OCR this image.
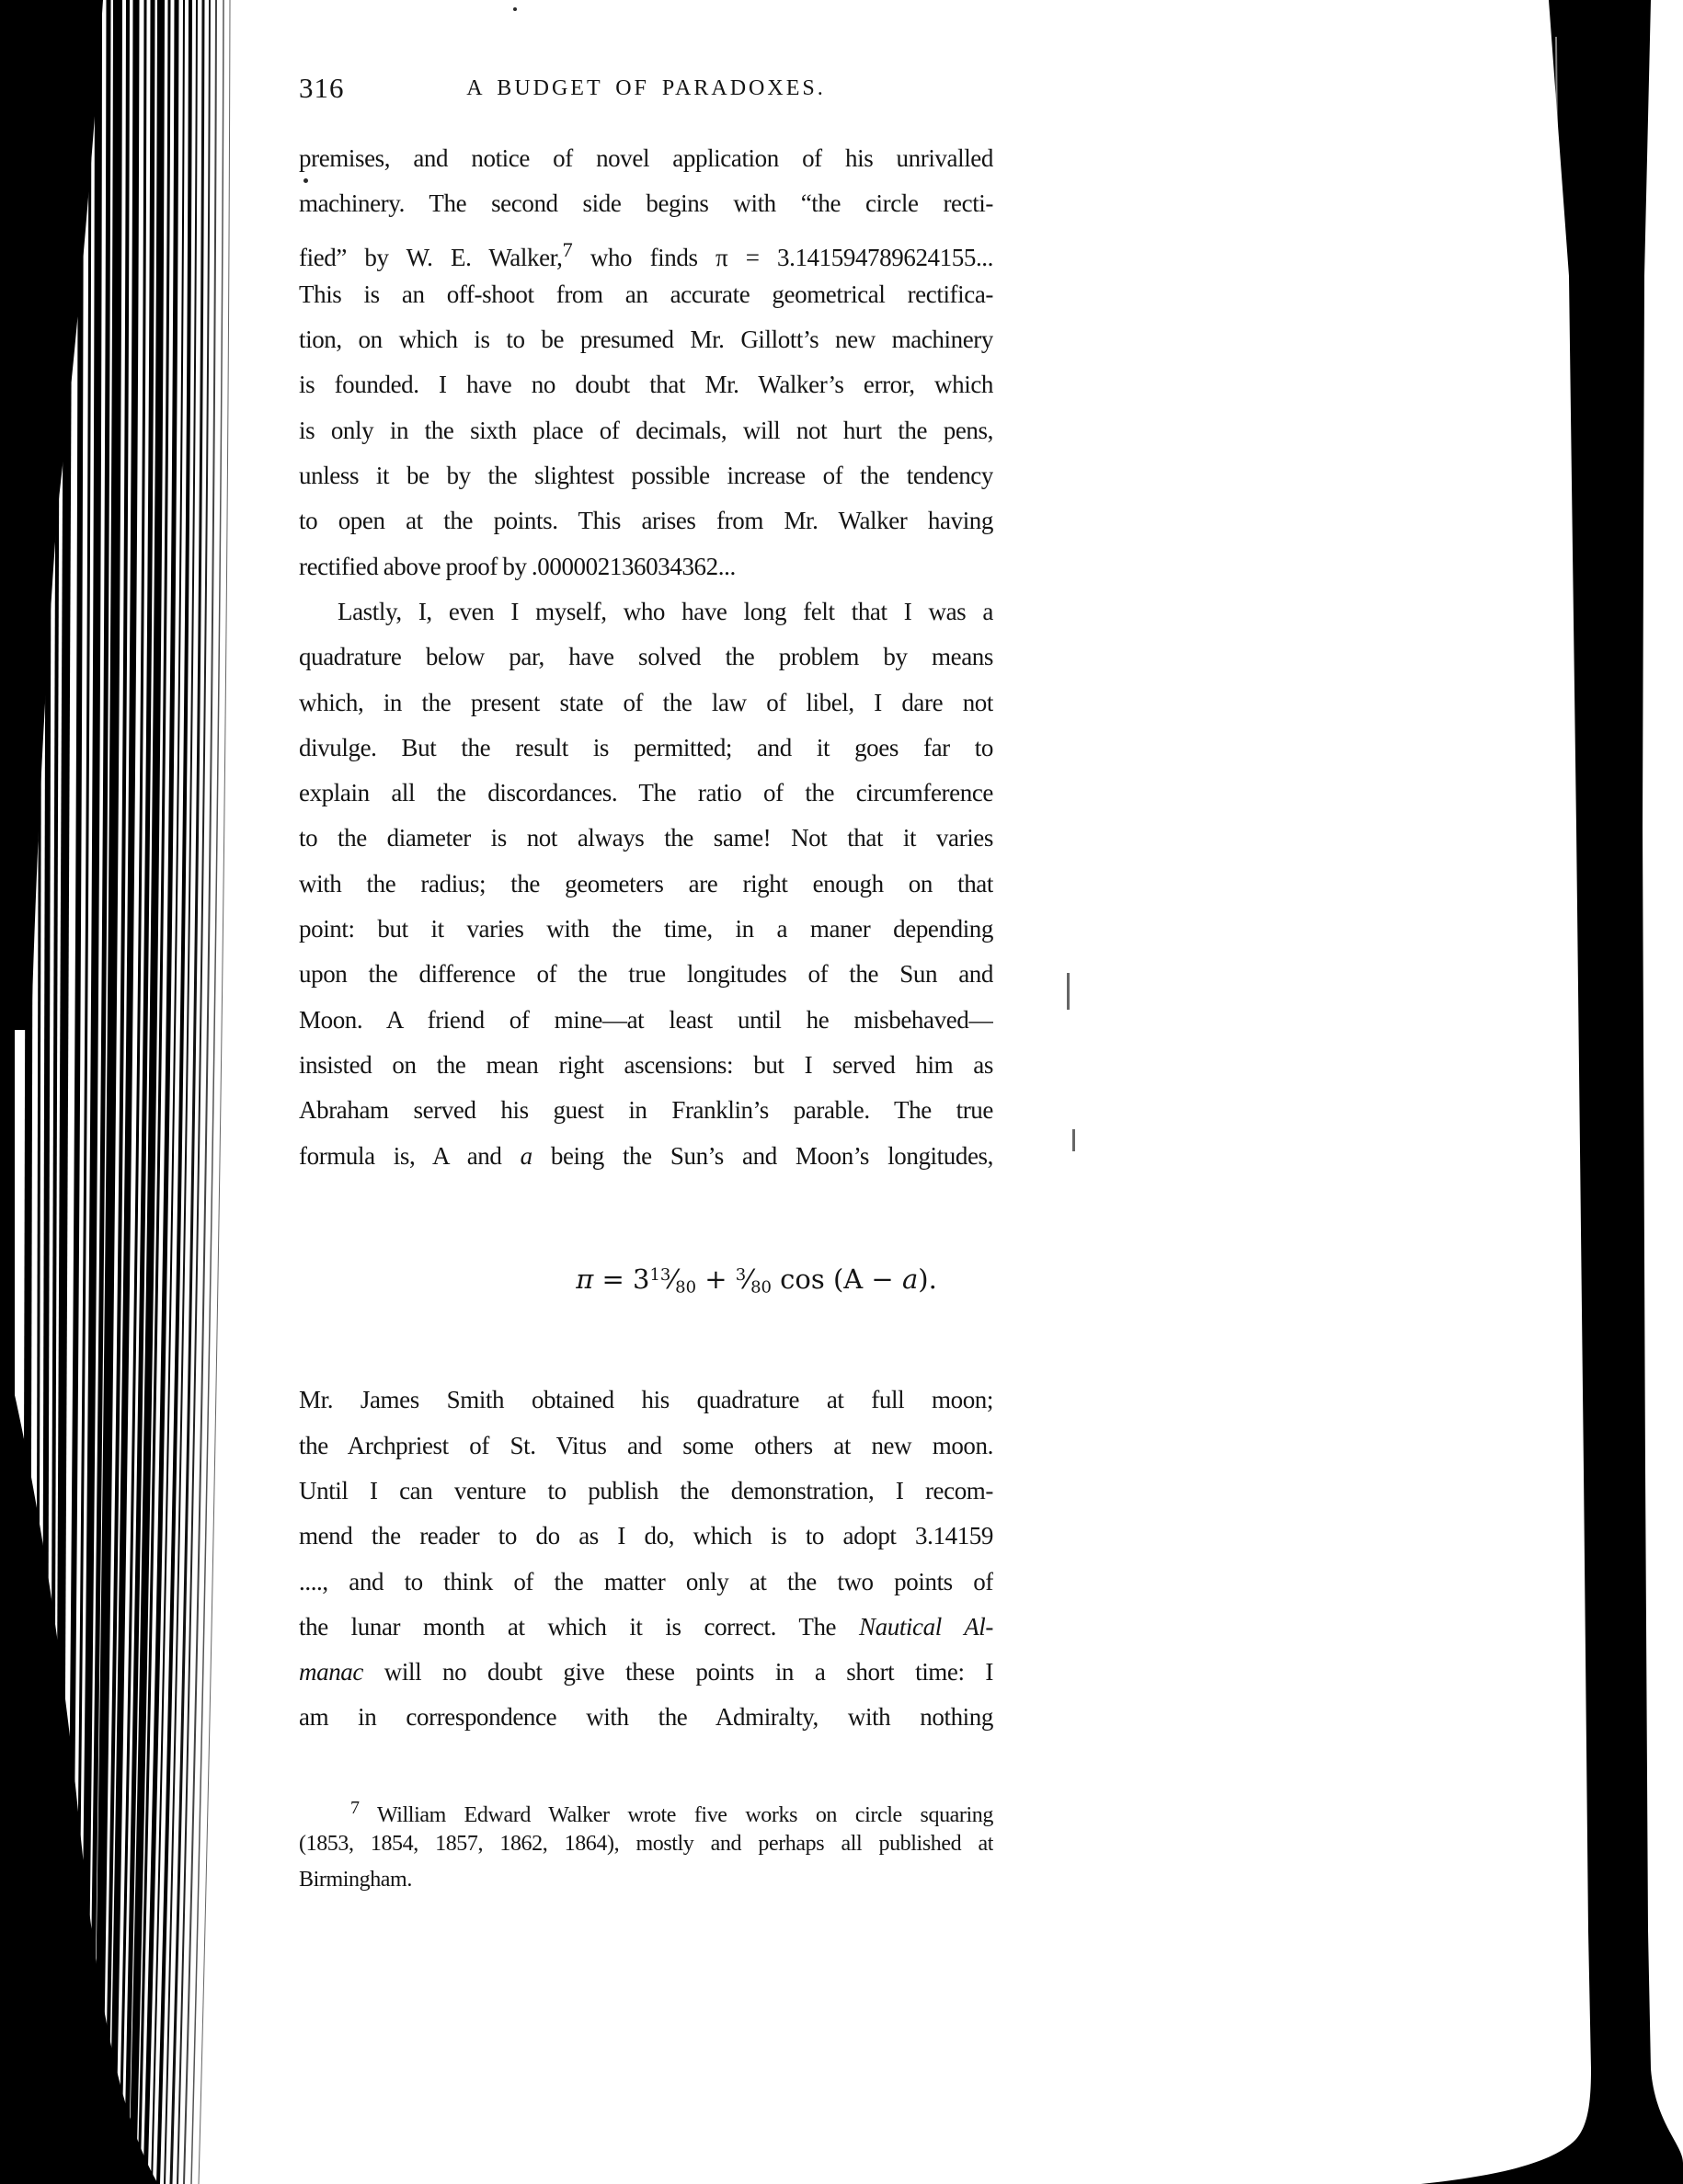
316	A BUDGET OF PARADOXES.
premises, and notice of novel application of his unrivalled
machinery. The second side begins with “the circle recti-
fied” by W. E. Walker,$^7$ who finds π = 3.141594789624155...
This is an off-shoot from an accurate geometrical rectifica-
tion, on which is to be presumed Mr. Gillott’s new machinery
is founded. I have no doubt that Mr. Walker’s error, which
is only in the sixth place of decimals, will not hurt the pens,
unless it be by the slightest possible increase of the tendency
to open at the points. This arises from Mr. Walker having
rectified above proof by .000002136034362...
Lastly, I, even I myself, who have long felt that I was a
quadrature below par, have solved the problem by means
which, in the present state of the law of libel, I dare not
divulge. But the result is permitted; and it goes far to
explain all the discordances. The ratio of the circumference
to the diameter is not always the same! Not that it varies
with the radius; the geometers are right enough on that
point: but it varies with the time, in a maner depending
upon the difference of the true longitudes of the Sun and
Moon. A friend of mine—at least until he misbehaved—
insisted on the mean right ascensions: but I served him as
Abraham served his guest in Franklin’s parable. The true
formula is, A and a being the Sun’s and Moon’s longitudes,
$\pi = 3^{13}⁄_{80}$ + $^3⁄_{80}$ cos (A − a).
Mr. James Smith obtained his quadrature at full moon;
the Archpriest of St. Vitus and some others at new moon.
Until I can venture to publish the demonstration, I recom-
mend the reader to do as I do, which is to adopt 3.14159
...., and to think of the matter only at the two points of
the lunar month at which it is correct. The Nautical Al-
manac will no doubt give these points in a short time: I
am in correspondence with the Admiralty, with nothing
$^7$ William Edward Walker wrote five works on circle squaring
(1853, 1854, 1857, 1862, 1864), mostly and perhaps all published at
Birmingham.
